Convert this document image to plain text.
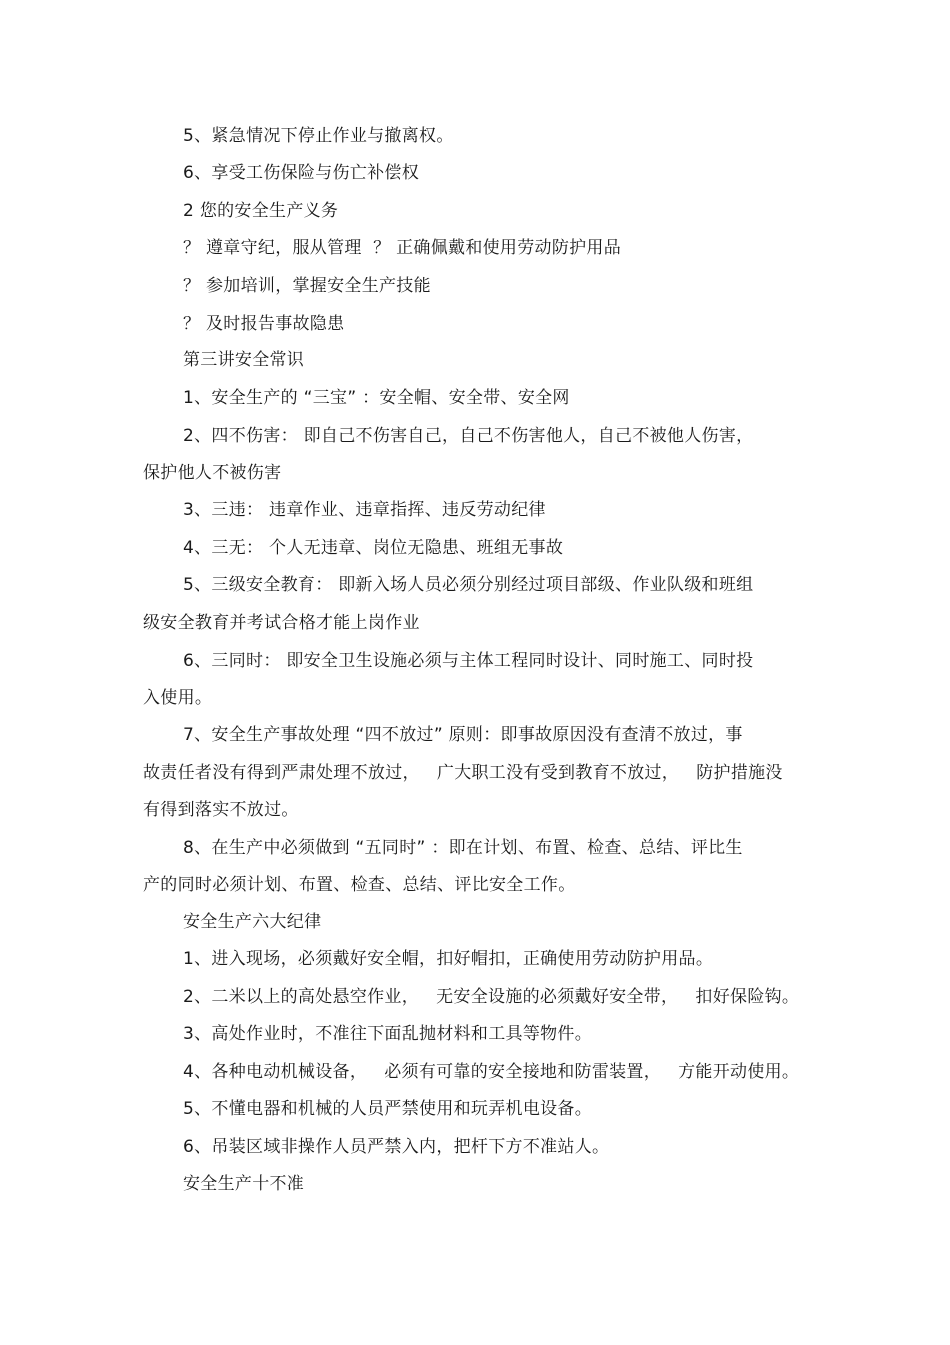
5、紧急情况下停止作业与撤离权。
6、享受工伤保险与伤亡补偿权
2 您的安全生产义务
？ 遵章守纪，服从管理  ？ 正确佩戴和使用劳动防护用品
？ 参加培训，掌握安全生产技能
？ 及时报告事故隐患
第三讲安全常识
1、安全生产的 “三宝” ：安全帽、安全带、安全网
2、四不伤害： 即自己不伤害自己，自己不伤害他人，自己不被他人伤害，
保护他人不被伤害
3、三违： 违章作业、违章指挥、违反劳动纪律
4、三无： 个人无违章、岗位无隐患、班组无事故
5、三级安全教育： 即新入场人员必须分别经过项目部级、作业队级和班组
级安全教育并考试合格才能上岗作业
6、三同时： 即安全卫生设施必须与主体工程同时设计、同时施工、同时投
入使用。
7、安全生产事故处理 “四不放过” 原则：即事故原因没有查清不放过，事
故责任者没有得到严肃处理不放过，   广大职工没有受到教育不放过，   防护措施没
有得到落实不放过。
8、在生产中必须做到 “五同时” ：即在计划、布置、检查、总结、评比生
产的同时必须计划、布置、检查、总结、评比安全工作。
安全生产六大纪律
1、进入现场，必须戴好安全帽，扣好帽扣，正确使用劳动防护用品。
2、二米以上的高处悬空作业，   无安全设施的必须戴好安全带，   扣好保险钩。
3、高处作业时，不准往下面乱抛材料和工具等物件。
4、各种电动机械设备，   必须有可靠的安全接地和防雷装置，   方能开动使用。
5、不懂电器和机械的人员严禁使用和玩弄机电设备。
6、吊装区域非操作人员严禁入内，把杆下方不准站人。
安全生产十不准
